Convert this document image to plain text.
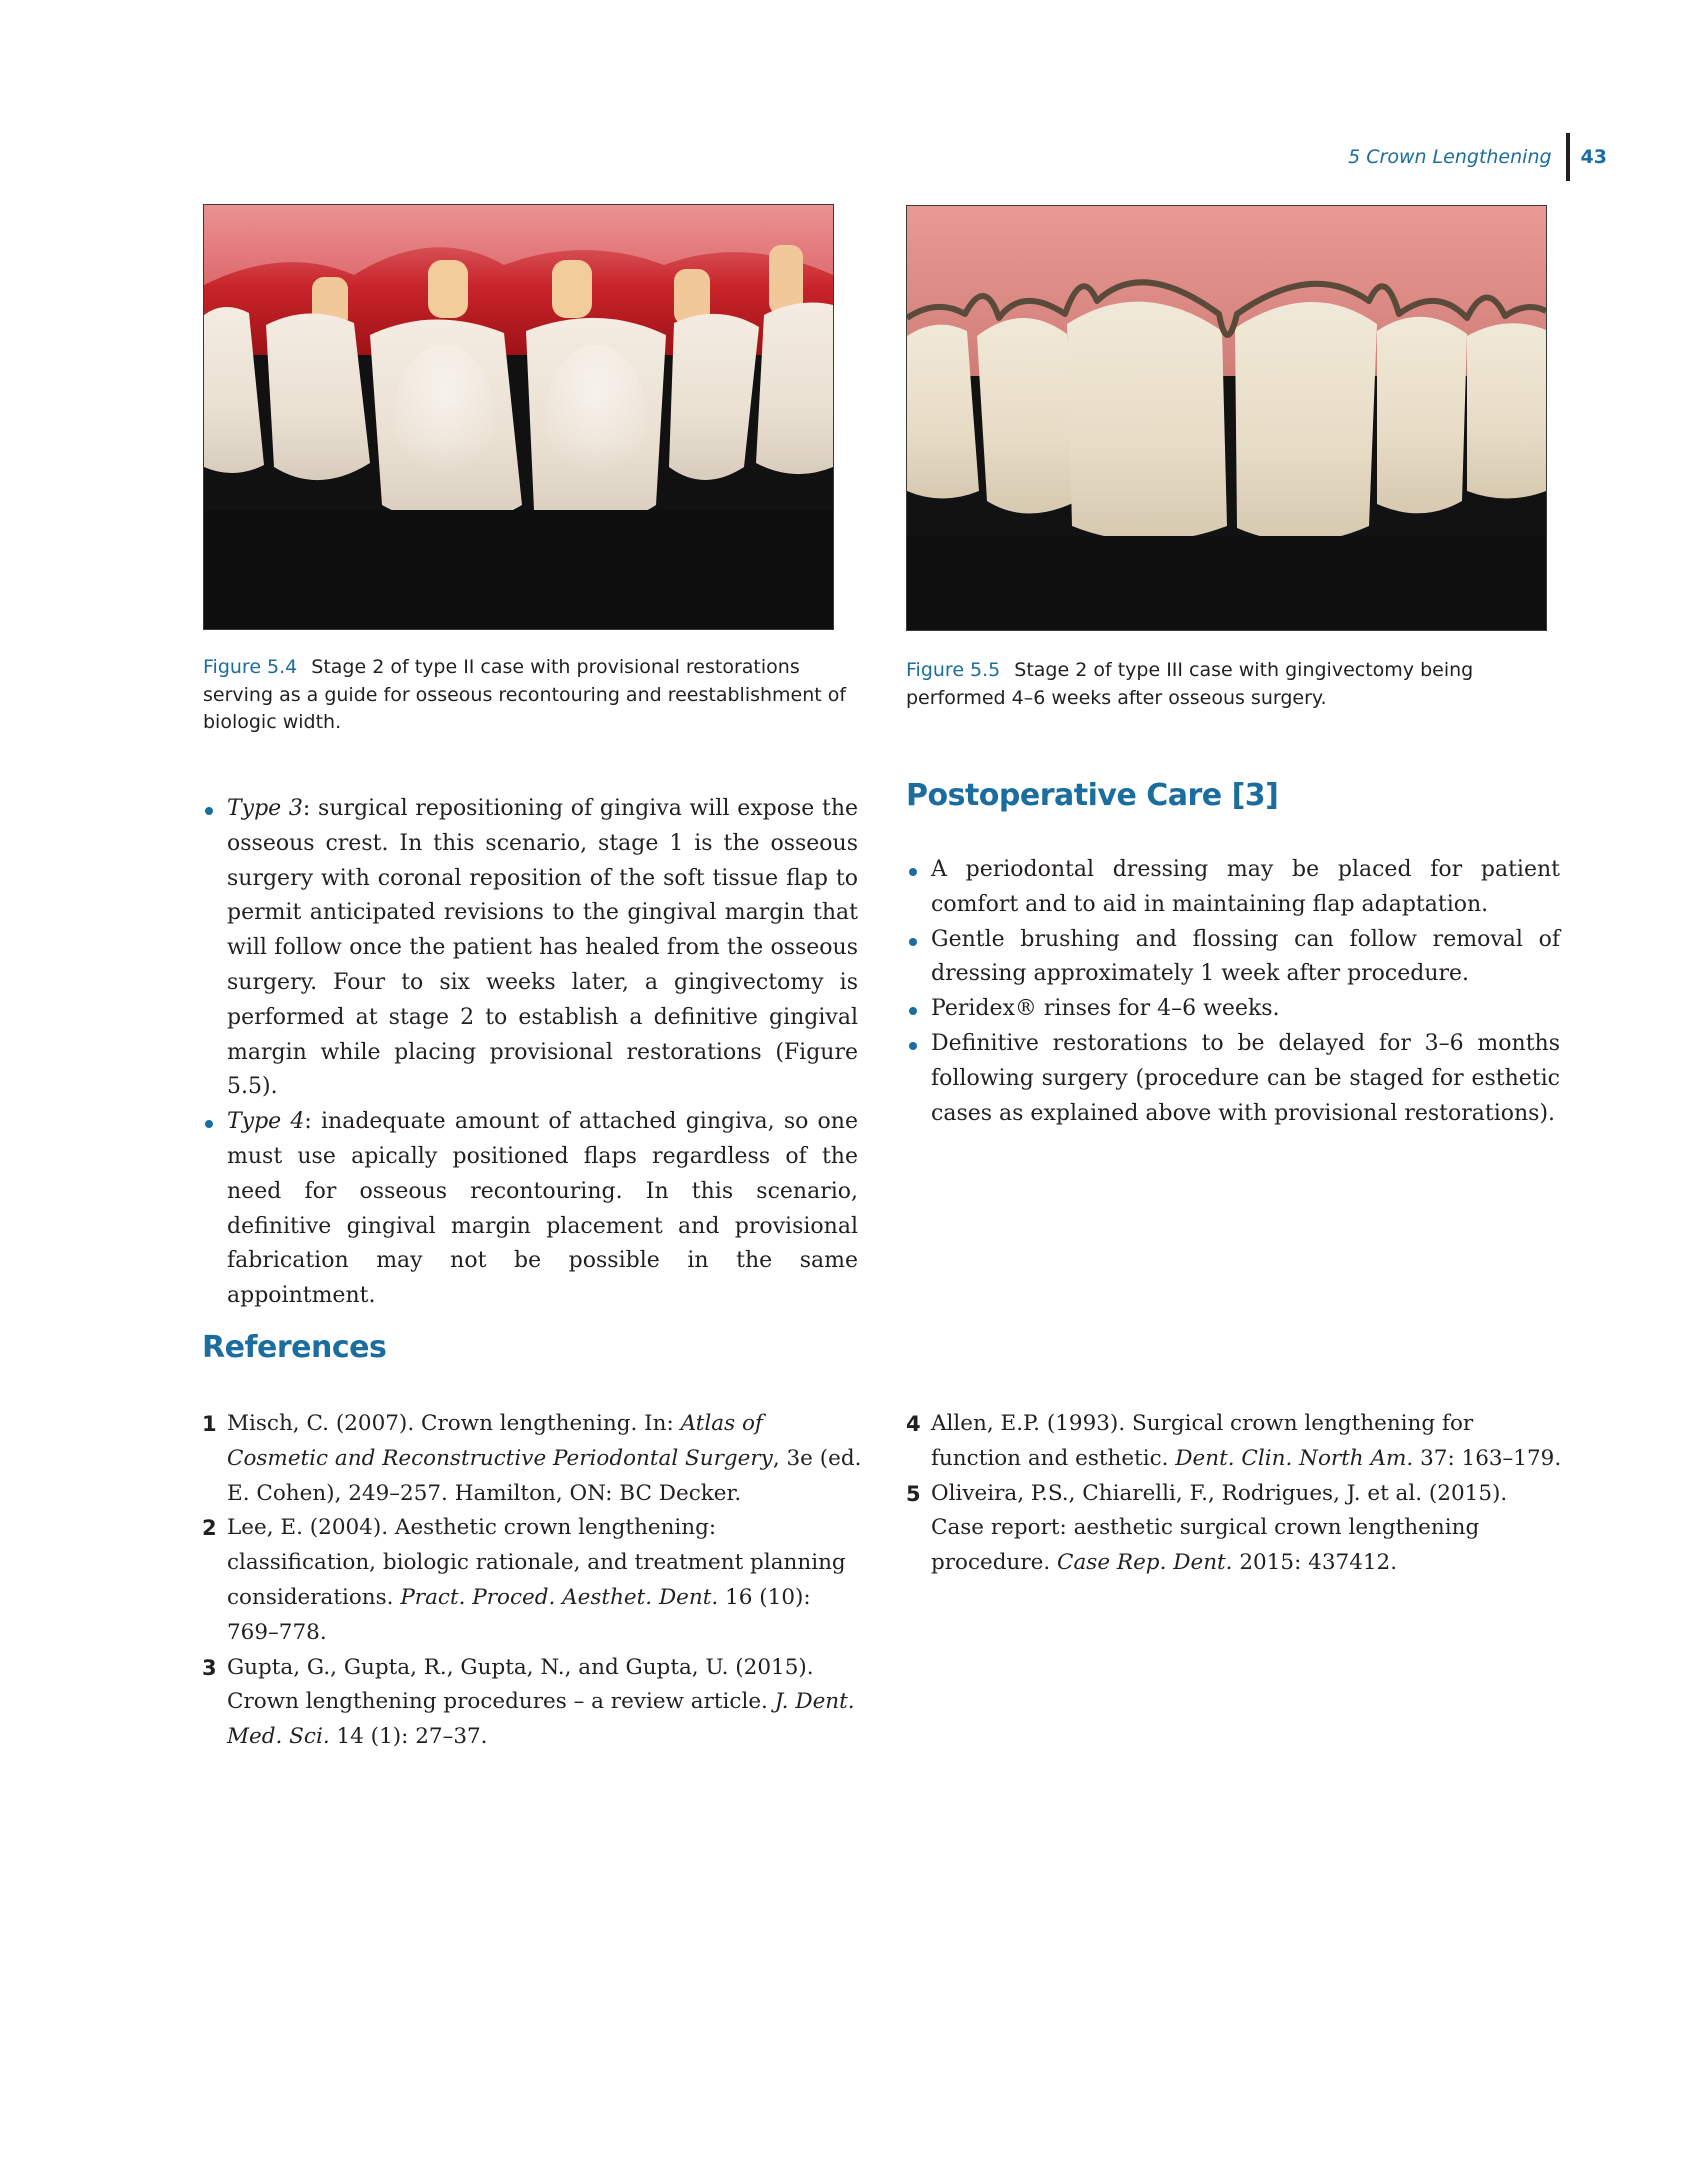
5 Crown Lengthening	43
Figure 5.4 Stage 2 of type II case with provisional restorations serving as a guide for osseous recontouring and reestablishment of biologic width.
Figure 5.5 Stage 2 of type III case with gingivectomy being performed 4–6 weeks after osseous surgery.
Type 3: surgical repositioning of gingiva will expose the osseous crest. In this scenario, stage 1 is the osseous surgery with coronal reposition of the soft tissue flap to permit anticipated revisions to the gingival margin that will follow once the patient has healed from the osseous surgery. Four to six weeks later, a gingivectomy is performed at stage 2 to establish a definitive gingival margin while placing provisional restorations (Figure 5.5).
Type 4: inadequate amount of attached gingiva, so one must use apically positioned flaps regardless of the need for osseous recontouring. In this scenario, definitive gingival margin placement and provisional fabrication may not be possible in the same appointment.
Postoperative Care [3]
A periodontal dressing may be placed for patient comfort and to aid in maintaining flap adaptation.
Gentle brushing and flossing can follow removal of dressing approximately 1 week after procedure.
Peridex® rinses for 4–6 weeks.
Definitive restorations to be delayed for 3–6 months following surgery (procedure can be staged for esthetic cases as explained above with provisional restorations).
References
1 Misch, C. (2007). Crown lengthening. In: Atlas of Cosmetic and Reconstructive Periodontal Surgery, 3e (ed. E. Cohen), 249–257. Hamilton, ON: BC Decker.
2 Lee, E. (2004). Aesthetic crown lengthening: classification, biologic rationale, and treatment planning considerations. Pract. Proced. Aesthet. Dent. 16 (10): 769–778.
3 Gupta, G., Gupta, R., Gupta, N., and Gupta, U. (2015). Crown lengthening procedures – a review article. J. Dent. Med. Sci. 14 (1): 27–37.
4 Allen, E.P. (1993). Surgical crown lengthening for function and esthetic. Dent. Clin. North Am. 37: 163–179.
5 Oliveira, P.S., Chiarelli, F., Rodrigues, J. et al. (2015). Case report: aesthetic surgical crown lengthening procedure. Case Rep. Dent. 2015: 437412.
